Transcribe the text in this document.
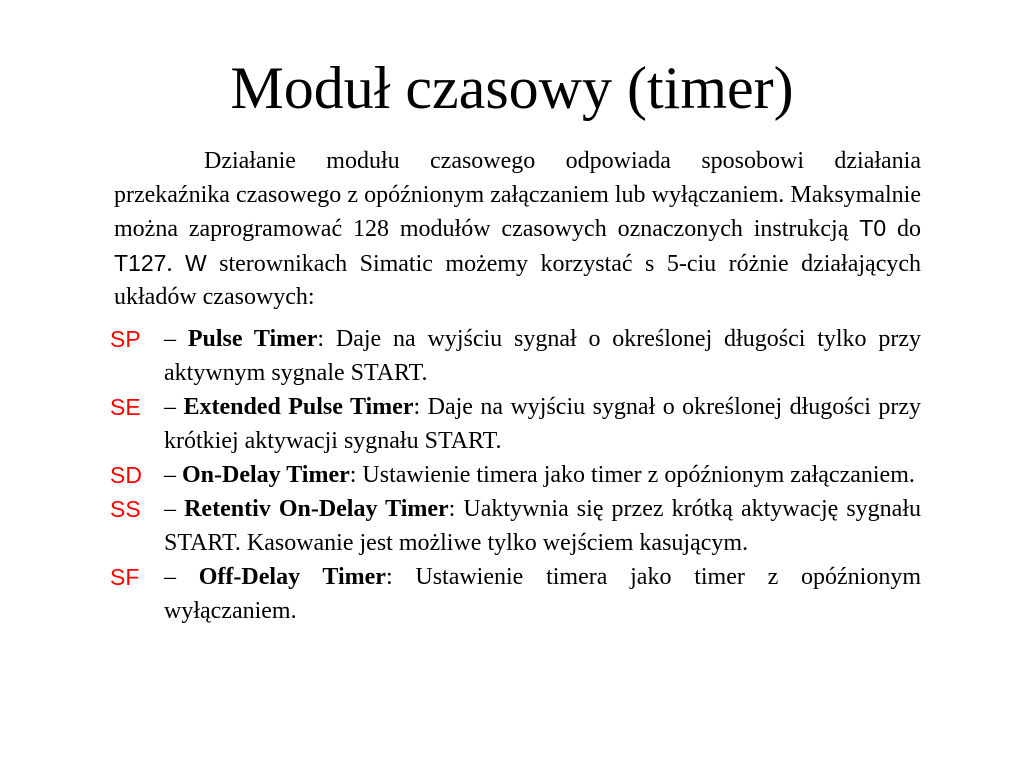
Moduł czasowy (timer)

Działanie modułu czasowego odpowiada sposobowi działania przekaźnika czasowego z opóźnionym załączaniem lub wyłączaniem. Maksymalnie można zaprogramować 128 modułów czasowych oznaczonych instrukcją T0 do T127. W sterownikach Simatic możemy korzystać s 5-ciu różnie działających układów czasowych:

SP – Pulse Timer: Daje na wyjściu sygnał o określonej długości tylko przy aktywnym sygnale START.
SE – Extended Pulse Timer: Daje na wyjściu sygnał o określonej długości przy krótkiej aktywacji sygnału START.
SD – On-Delay Timer: Ustawienie timera jako timer z opóźnionym załączaniem.
SS – Retentiv On-Delay Timer: Uaktywnia się przez krótką aktywację sygnału START. Kasowanie jest możliwe tylko wejściem kasującym.
SF – Off-Delay Timer: Ustawienie timera jako timer z opóźnionym wyłączaniem.
